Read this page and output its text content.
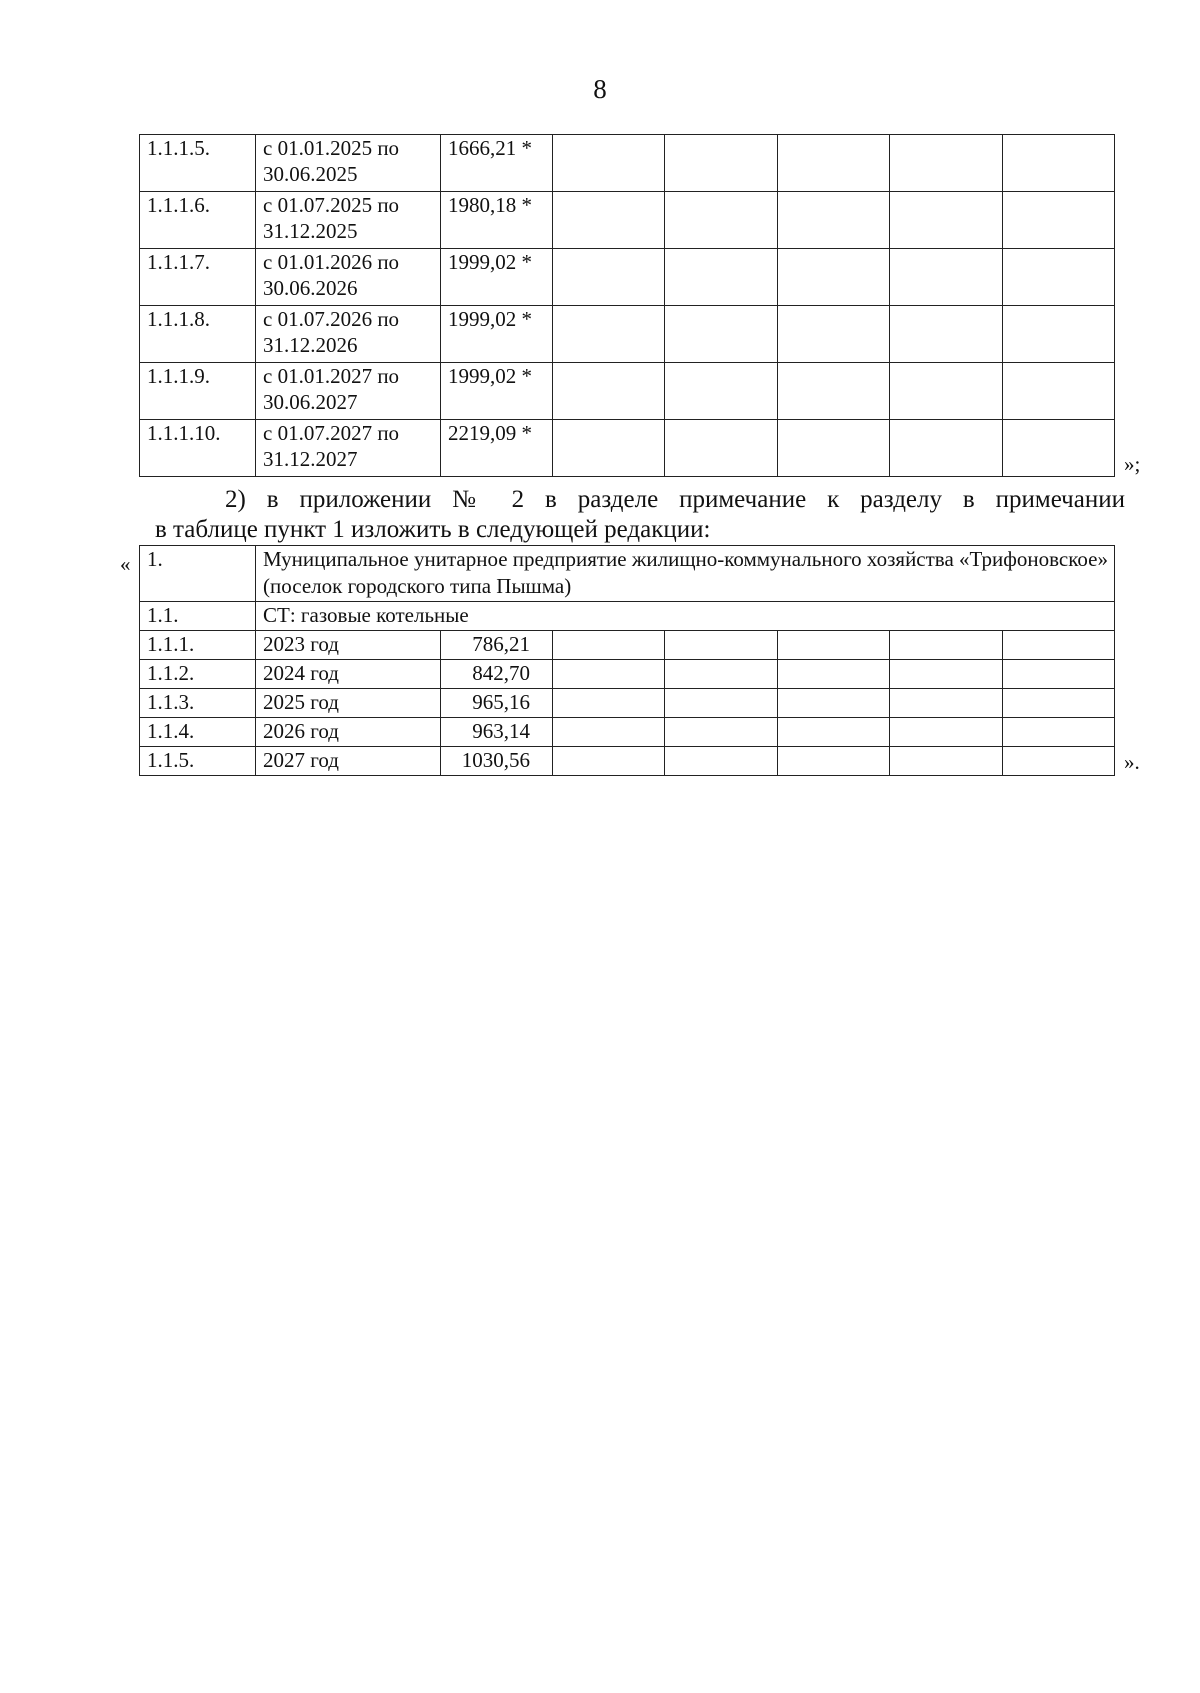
8
1.1.1.5.	с 01.01.2025 по 30.06.2025	1666,21 *					
1.1.1.6.	с 01.07.2025 по 31.12.2025	1980,18 *					
1.1.1.7.	с 01.01.2026 по 30.06.2026	1999,02 *					
1.1.1.8.	с 01.07.2026 по 31.12.2026	1999,02 *					
1.1.1.9.	с 01.01.2027 по 30.06.2027	1999,02 *					
1.1.1.10.	с 01.07.2027 по 31.12.2027	2219,09 *					
»;
2) в приложении № 2 в разделе примечание к разделу в примечании
в таблице пункт 1 изложить в следующей редакции:
« 1.	Муниципальное унитарное предприятие жилищно-коммунального хозяйства «Трифоновское» (поселок городского типа Пышма)						
1.1.	СТ: газовые котельные						
1.1.1.	2023 год	786,21					
1.1.2.	2024 год	842,70					
1.1.3.	2025 год	965,16					
1.1.4.	2026 год	963,14					
1.1.5.	2027 год	1030,56						».
